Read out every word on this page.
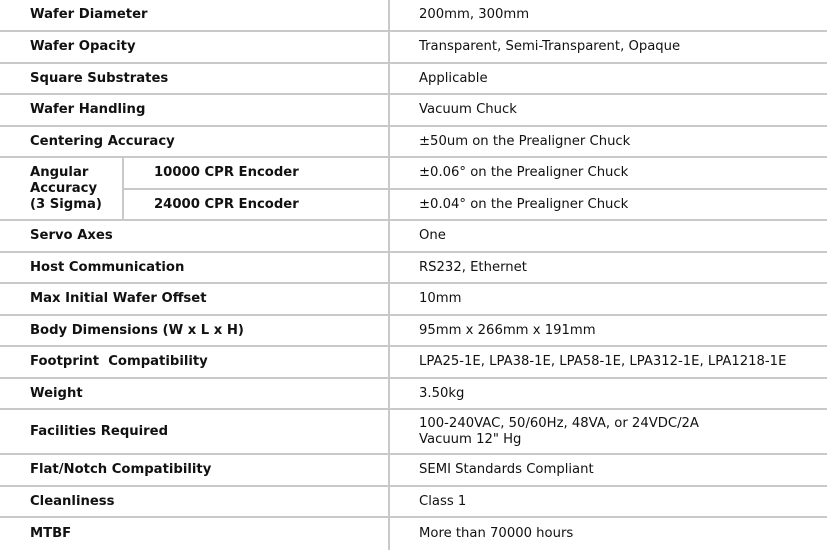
Wafer Diameter		200mm, 300mm
Wafer Opacity		Transparent, Semi-Transparent, Opaque
Square Substrates		Applicable
Wafer Handling		Vacuum Chuck
Centering Accuracy		±50um on the Prealigner Chuck

Angular
Accuracy
(3 Sigma)	10000 CPR Encoder	±0.06° on the Prealigner Chuck
	24000 CPR Encoder	±0.04° on the Prealigner Chuck
Servo Axes		One
Host Communication		RS232, Ethernet
Max Initial Wafer Offset		10mm
Body Dimensions (W x L x H)		95mm x 266mm x 191mm
Footprint  Compatibility		LPA25-1E, LPA38-1E, LPA58-1E, LPA312-1E, LPA1218-1E
Weight		3.50kg
Facilities Required		100-240VAC, 50/60Hz, 48VA, or 24VDC/2A
Vacuum 12" Hg

Flat/Notch Compatibility		SEMI Standards Compliant
Cleanliness		Class 1
MTBF		More than 70000 hours
